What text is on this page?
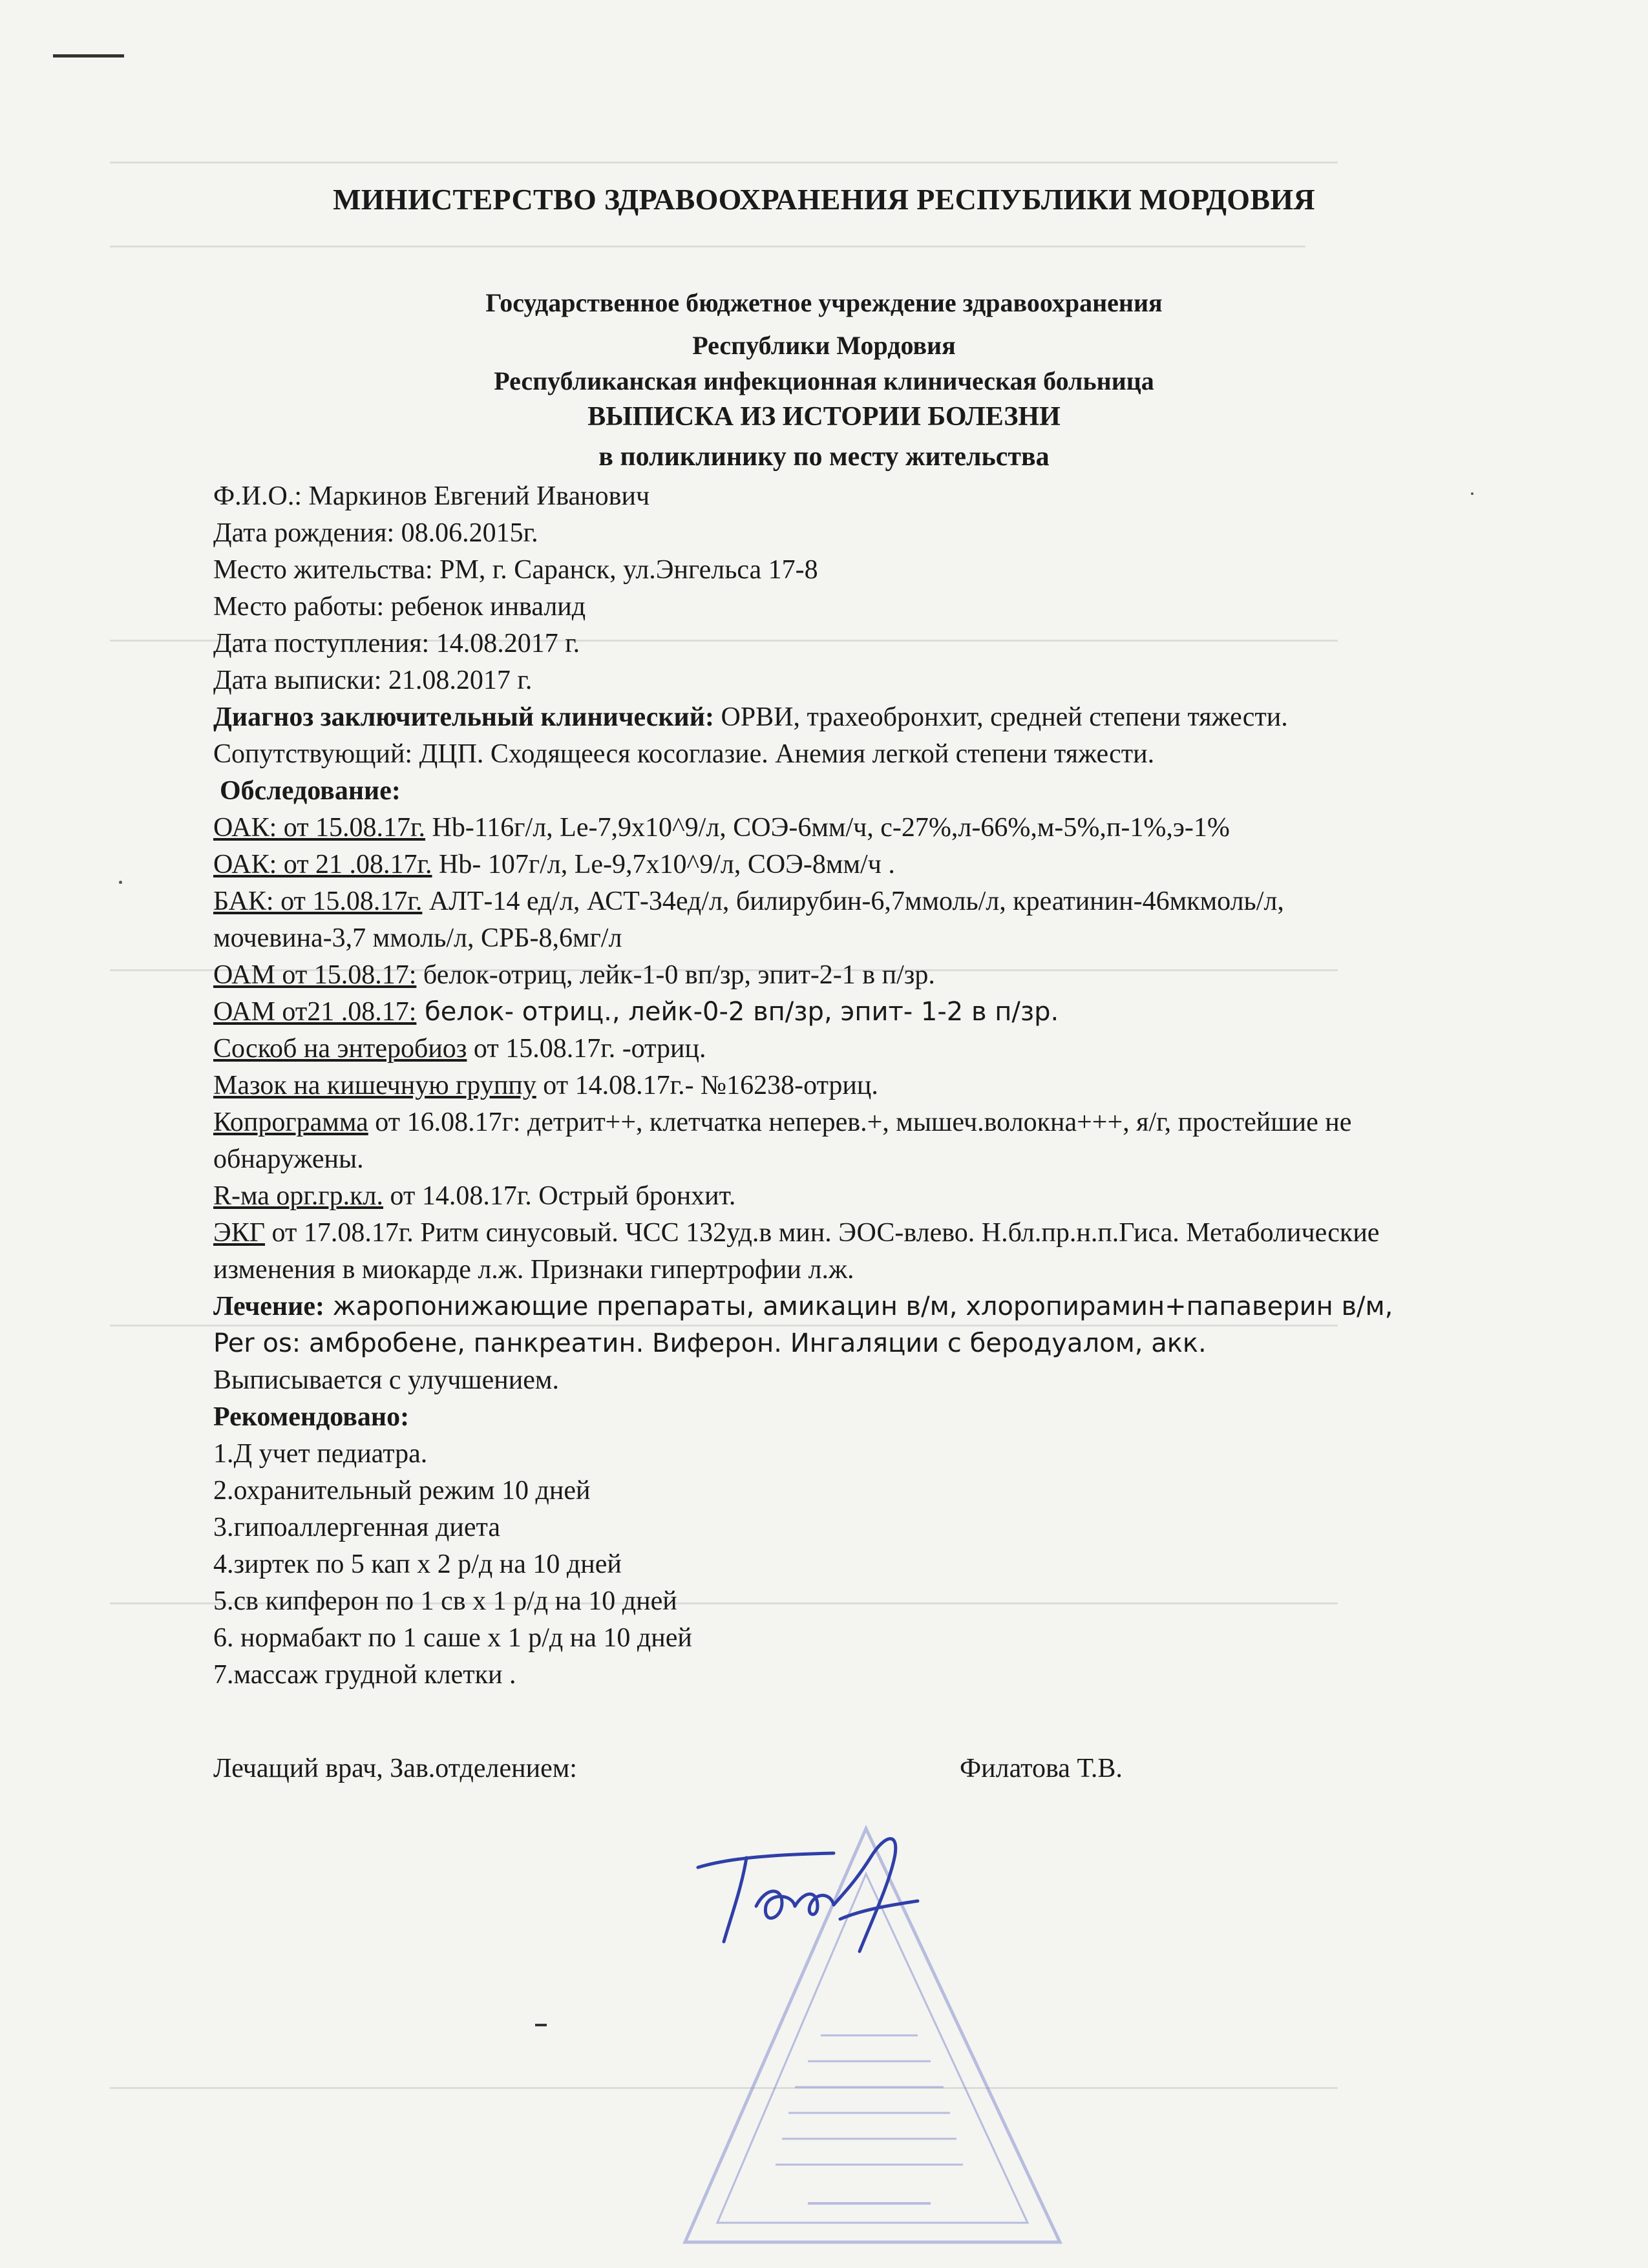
МИНИСТЕРСТВО ЗДРАВООХРАНЕНИЯ РЕСПУБЛИКИ МОРДОВИЯ
Государственное бюджетное учреждение здравоохранения
Республики Мордовия
Республиканская инфекционная клиническая больница
ВЫПИСКА ИЗ ИСТОРИИ БОЛЕЗНИ
в поликлинику по месту жительства
Ф.И.О.: Маркинов Евгений Иванович
Дата рождения: 08.06.2015г.
Место жительства: РМ, г. Саранск, ул.Энгельса 17-8
Место работы: ребенок инвалид
Дата поступления: 14.08.2017 г.
Дата выписки: 21.08.2017 г.
Диагноз заключительный клинический: ОРВИ, трахеобронхит, средней степени тяжести.
Сопутствующий: ДЦП. Сходящееся косоглазие. Анемия легкой степени тяжести.
Обследование:
ОАК: от 15.08.17г. Hb-116г/л, Le-7,9x10^9/л, СОЭ-6мм/ч, с-27%,л-66%,м-5%,п-1%,э-1%
ОАК: от 21 .08.17г. Hb- 107г/л, Le-9,7x10^9/л, СОЭ-8мм/ч .
БАК: от 15.08.17г. АЛТ-14 ед/л, АСТ-34ед/л, билирубин-6,7ммоль/л, креатинин-46мкмоль/л, мочевина-3,7 ммоль/л, СРБ-8,6мг/л
ОАМ от 15.08.17: белок-отриц, лейк-1-0 вп/зр, эпит-2-1 в п/зр.
ОАМ от21 .08.17: белок- отриц., лейк-0-2 вп/зр, эпит- 1-2 в п/зр.
Соскоб на энтеробиоз от 15.08.17г. -отриц.
Мазок на кишечную группу от 14.08.17г.- №16238-отриц.
Копрограмма от 16.08.17г: детрит++, клетчатка неперев.+, мышеч.волокна+++, я/г, простейшие не обнаружены.
R-ма орг.гр.кл. от 14.08.17г. Острый бронхит.
ЭКГ от 17.08.17г. Ритм синусовый. ЧСС 132уд.в мин. ЭОС-влево. Н.бл.пр.н.п.Гиса. Метаболические изменения в миокарде л.ж. Признаки гипертрофии л.ж.
Лечение: жаропонижающие препараты, амикацин в/м, хлоропирамин+папаверин в/м, Per os: амбробене, панкреатин. Виферон. Ингаляции с беродуалом, акк.
Выписывается с улучшением.
Рекомендовано:
1.Д учет педиатра.
2.охранительный режим 10 дней
3.гипоаллергенная диета
4.зиртек по 5 кап х 2 р/д на 10 дней
5.св кипферон по 1 св х 1 р/д на 10 дней
6. нормабакт по 1 саше х 1 р/д на 10 дней
7.массаж грудной клетки .
Лечащий врач, Зав.отделением:	Филатова Т.В.
